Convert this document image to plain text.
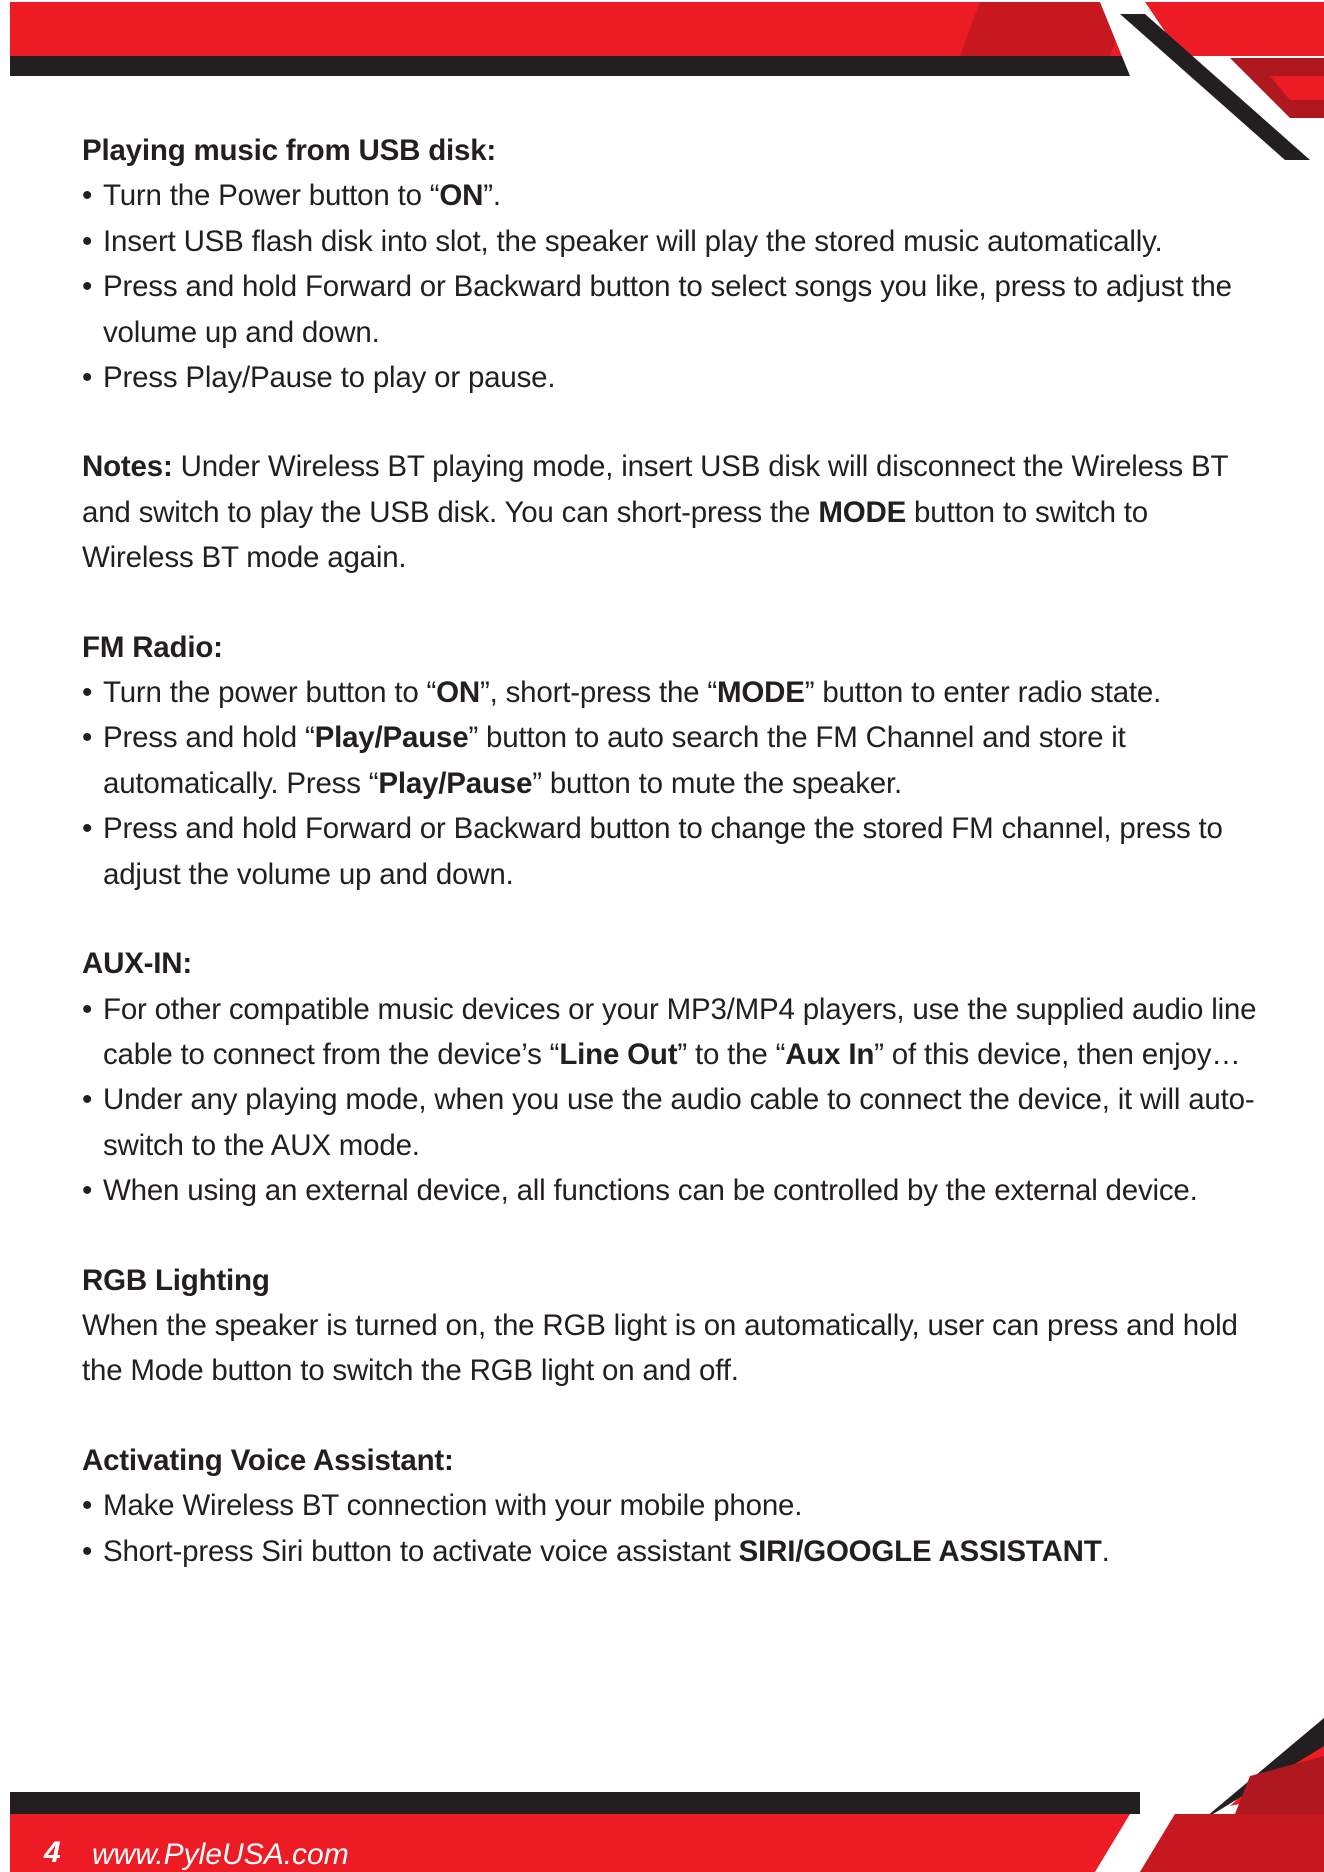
4 www.PyleUSA.com
Playing music from USB disk:
• Turn the Power button to “ON”.
• Insert USB flash disk into slot, the speaker will play the stored music automatically.
• Press and hold Forward or Backward button to select songs you like, press to adjust the volume up and down.
• Press Play/Pause to play or pause.

Notes: Under Wireless BT playing mode, insert USB disk will disconnect the Wireless BT and switch to play the USB disk. You can short-press the MODE button to switch to Wireless BT mode again.

FM Radio:
• Turn the power button to “ON”, short-press the “MODE” button to enter radio state.
• Press and hold “Play/Pause” button to auto search the FM Channel and store it automatically. Press “Play/Pause” button to mute the speaker.
• Press and hold Forward or Backward button to change the stored FM channel, press to adjust the volume up and down.
AUX-IN:
• For other compatible music devices or your MP3/MP4 players, use the supplied audio line cable to connect from the device’s “Line Out” to the “Aux In” of this device, then enjoy…
• Under any playing mode, when you use the audio cable to connect the device, it will auto-switch to the AUX mode.
• When using an external device, all functions can be controlled by the external device.
RGB Lighting

When the speaker is turned on, the RGB light is on automatically, user can press and hold the Mode button to switch the RGB light on and off.

Activating Voice Assistant:
• Make Wireless BT connection with your mobile phone.
• Short-press Siri button to activate voice assistant SIRI/GOOGLE ASSISTANT.
